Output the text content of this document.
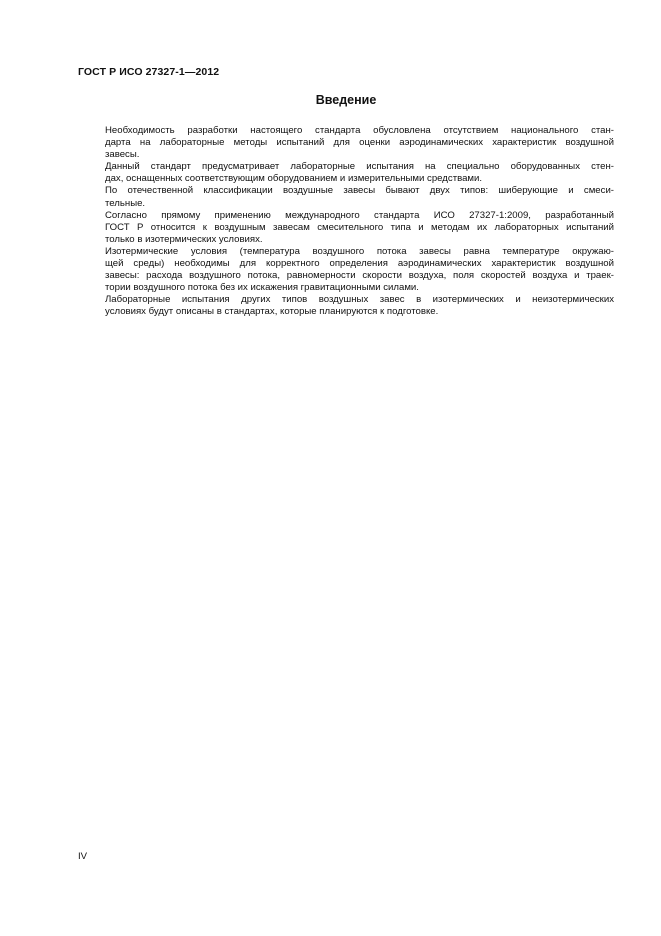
ГОСТ Р ИСО 27327-1—2012
Введение

Необходимость разработки настоящего стандарта обусловлена отсутствием национального стан-
дарта на лабораторные методы испытаний для оценки аэродинамических характеристик воздушной
завесы.

Данный стандарт предусматривает лабораторные испытания на специально оборудованных стен-
дах, оснащенных соответствующим оборудованием и измерительными средствами.

По отечественной классификации воздушные завесы бывают двух типов: шиберующие и смеси-
тельные.

Согласно прямому применению международного стандарта ИСО 27327-1:2009, разработанный
ГОСТ Р относится к воздушным завесам смесительного типа и методам их лабораторных испытаний
только в изотермических условиях.

Изотермические условия (температура воздушного потока завесы равна температуре окружаю-
щей среды) необходимы для корректного определения аэродинамических характеристик воздушной
завесы: расхода воздушного потока, равномерности скорости воздуха, поля скоростей воздуха и траек-
тории воздушного потока без их искажения гравитационными силами.

Лабораторные испытания других типов воздушных завес в изотермических и неизотермических
условиях будут описаны в стандартах, которые планируются к подготовке.

IV
